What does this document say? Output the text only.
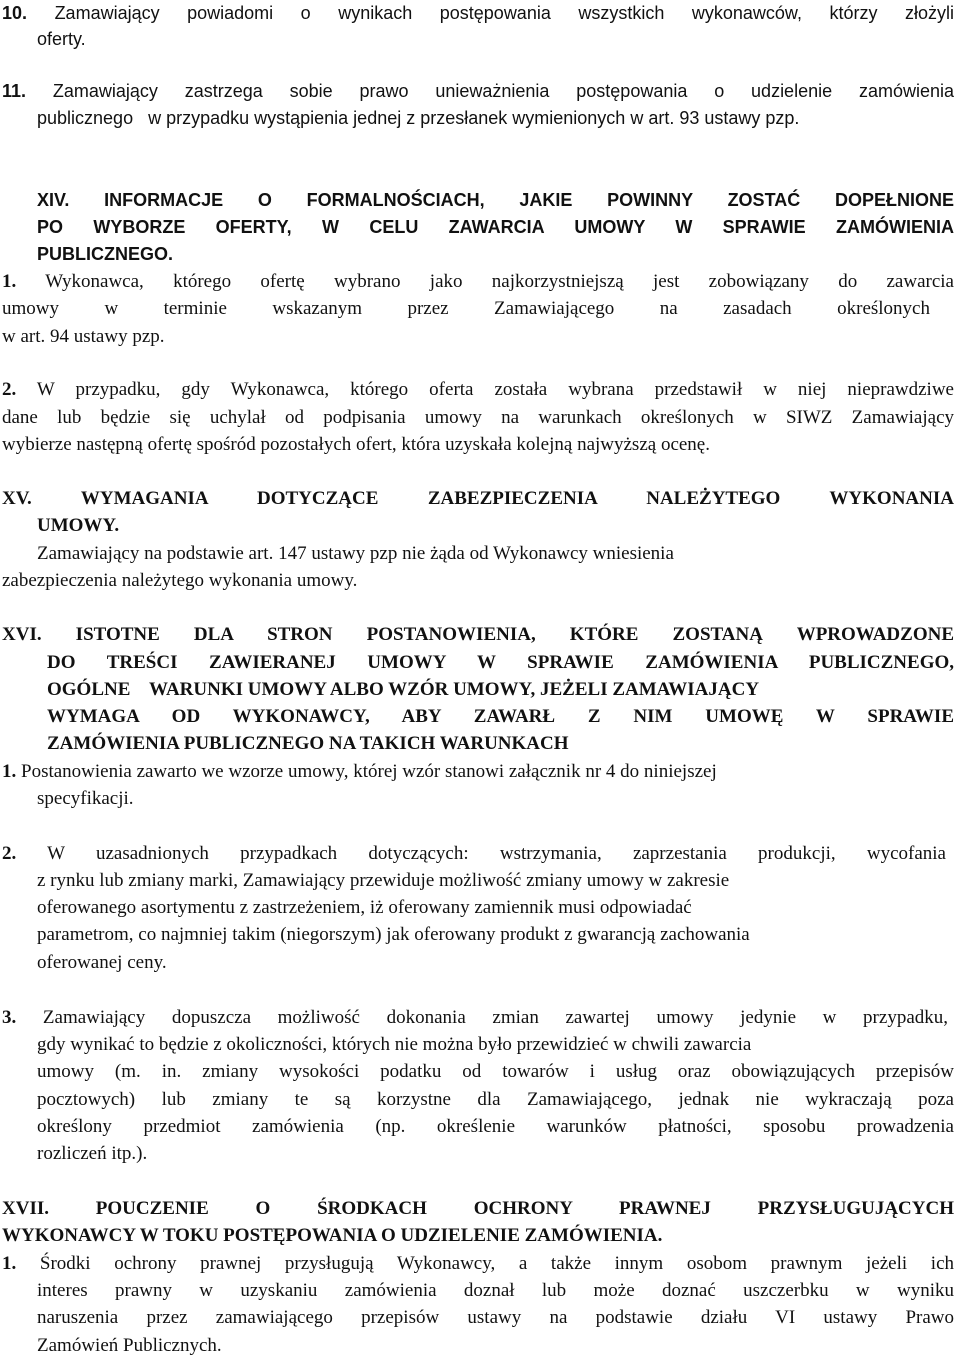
10. Zamawiający powiadomi o wynikach postępowania wszystkich wykonawców, którzy złożyli
oferty.
11. Zamawiający zastrzega sobie prawo unieważnienia postępowania o udzielenie zamówienia
publicznego   w przypadku wystąpienia jednej z przesłanek wymienionych w art. 93 ustawy pzp.
XIV. INFORMACJE O FORMALNOŚCIACH, JAKIE POWINNY ZOSTAĆ DOPEŁNIONE
PO WYBORZE OFERTY, W CELU ZAWARCIA UMOWY W SPRAWIE ZAMÓWIENIA
PUBLICZNEGO.
1. Wykonawca, którego ofertę wybrano jako najkorzystniejszą jest zobowiązany do zawarcia
umowy w terminie wskazanym przez Zamawiającego na zasadach określonych
w art. 94 ustawy pzp.
2. W przypadku, gdy Wykonawca, którego oferta została wybrana przedstawił w niej nieprawdziwe
dane lub będzie się uchylał od podpisania umowy na warunkach określonych w SIWZ Zamawiający
wybierze następną ofertę spośród pozostałych ofert, która uzyskała kolejną najwyższą ocenę.
XV. WYMAGANIA DOTYCZĄCE ZABEZPIECZENIA NALEŻYTEGO WYKONANIA
UMOWY.
Zamawiający na podstawie art. 147 ustawy pzp nie żąda od Wykonawcy wniesienia
zabezpieczenia należytego wykonania umowy.
XVI. ISTOTNE DLA STRON POSTANOWIENIA, KTÓRE ZOSTANĄ WPROWADZONE
DO TREŚCI ZAWIERANEJ UMOWY W SPRAWIE ZAMÓWIENIA PUBLICZNEGO,
OGÓLNE    WARUNKI UMOWY ALBO WZÓR UMOWY, JEŻELI ZAMAWIAJĄCY
WYMAGA OD WYKONAWCY, ABY ZAWARŁ Z NIM UMOWĘ W SPRAWIE
ZAMÓWIENIA PUBLICZNEGO NA TAKICH WARUNKACH
1. Postanowienia zawarto we wzorze umowy, której wzór stanowi załącznik nr 4 do niniejszej
specyfikacji.
2. W uzasadnionych przypadkach dotyczących: wstrzymania, zaprzestania produkcji, wycofania
z rynku lub zmiany marki, Zamawiający przewiduje możliwość zmiany umowy w zakresie
oferowanego asortymentu z zastrzeżeniem, iż oferowany zamiennik musi odpowiadać
parametrom, co najmniej takim (niegorszym) jak oferowany produkt z gwarancją zachowania
oferowanej ceny.
3. Zamawiający dopuszcza możliwość dokonania zmian zawartej umowy jedynie w przypadku,
gdy wynikać to będzie z okoliczności, których nie można było przewidzieć w chwili zawarcia
umowy (m. in. zmiany wysokości podatku od towarów i usług oraz obowiązujących przepisów
pocztowych) lub zmiany te są korzystne dla Zamawiającego, jednak nie wykraczają poza
określony przedmiot zamówienia (np. określenie warunków płatności, sposobu prowadzenia
rozliczeń itp.).
XVII. POUCZENIE O ŚRODKACH OCHRONY PRAWNEJ PRZYSŁUGUJĄCYCH
WYKONAWCY W TOKU POSTĘPOWANIA O UDZIELENIE ZAMÓWIENIA.
1. Środki ochrony prawnej przysługują Wykonawcy, a także innym osobom prawnym jeżeli ich
interes prawny w uzyskaniu zamówienia doznał lub może doznać uszczerbku w wyniku
naruszenia przez zamawiającego przepisów ustawy na podstawie działu VI ustawy Prawo
Zamówień Publicznych.
